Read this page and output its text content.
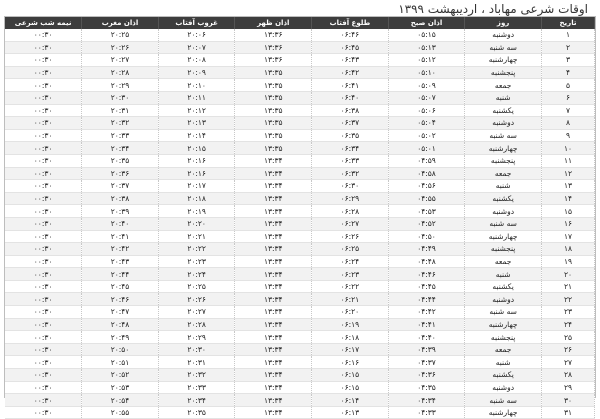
اوقات شرعی مهاباد ، اردیبهشت ۱۳۹۹
تاریخ	روز	اذان صبح	طلوع آفتاب	اذان ظهر	غروب آفتاب	اذان مغرب	نیمه شب شرعی
۱	دوشنبه	۰۵:۱۵	۰۶:۴۶	۱۳:۳۶	۲۰:۰۶	۲۰:۲۵	۰۰:۳۰
۲	سه شنبه	۰۵:۱۳	۰۶:۴۵	۱۳:۳۶	۲۰:۰۷	۲۰:۲۶	۰۰:۳۰
۳	چهارشنبه	۰۵:۱۲	۰۶:۴۳	۱۳:۳۶	۲۰:۰۸	۲۰:۲۷	۰۰:۳۰
۴	پنجشنبه	۰۵:۱۰	۰۶:۴۲	۱۳:۳۵	۲۰:۰۹	۲۰:۲۸	۰۰:۳۰
۵	جمعه	۰۵:۰۹	۰۶:۴۱	۱۳:۳۵	۲۰:۱۰	۲۰:۲۹	۰۰:۳۰
۶	شنبه	۰۵:۰۷	۰۶:۴۰	۱۳:۳۵	۲۰:۱۱	۲۰:۳۰	۰۰:۳۰
۷	یکشنبه	۰۵:۰۶	۰۶:۳۸	۱۳:۳۵	۲۰:۱۲	۲۰:۳۱	۰۰:۳۰
۸	دوشنبه	۰۵:۰۴	۰۶:۳۷	۱۳:۳۵	۲۰:۱۳	۲۰:۳۲	۰۰:۳۰
۹	سه شنبه	۰۵:۰۲	۰۶:۳۵	۱۳:۳۵	۲۰:۱۴	۲۰:۳۳	۰۰:۳۰
۱۰	چهارشنبه	۰۵:۰۱	۰۶:۳۴	۱۳:۳۵	۲۰:۱۵	۲۰:۳۴	۰۰:۳۰
۱۱	پنجشنبه	۰۴:۵۹	۰۶:۳۳	۱۳:۳۴	۲۰:۱۶	۲۰:۳۵	۰۰:۳۰
۱۲	جمعه	۰۴:۵۸	۰۶:۳۲	۱۳:۳۴	۲۰:۱۶	۲۰:۳۶	۰۰:۳۰
۱۳	شنبه	۰۴:۵۶	۰۶:۳۰	۱۳:۳۴	۲۰:۱۷	۲۰:۳۷	۰۰:۳۰
۱۴	یکشنبه	۰۴:۵۵	۰۶:۲۹	۱۳:۳۴	۲۰:۱۸	۲۰:۳۸	۰۰:۳۰
۱۵	دوشنبه	۰۴:۵۳	۰۶:۲۸	۱۳:۳۴	۲۰:۱۹	۲۰:۳۹	۰۰:۳۰
۱۶	سه شنبه	۰۴:۵۲	۰۶:۲۷	۱۳:۳۴	۲۰:۲۰	۲۰:۴۰	۰۰:۳۰
۱۷	چهارشنبه	۰۴:۵۰	۰۶:۲۶	۱۳:۳۴	۲۰:۲۱	۲۰:۴۱	۰۰:۳۰
۱۸	پنجشنبه	۰۴:۴۹	۰۶:۲۵	۱۳:۳۴	۲۰:۲۲	۲۰:۴۲	۰۰:۳۰
۱۹	جمعه	۰۴:۴۸	۰۶:۲۴	۱۳:۳۴	۲۰:۲۳	۲۰:۴۳	۰۰:۳۰
۲۰	شنبه	۰۴:۴۶	۰۶:۲۳	۱۳:۳۴	۲۰:۲۴	۲۰:۴۴	۰۰:۳۰
۲۱	یکشنبه	۰۴:۴۵	۰۶:۲۲	۱۳:۳۴	۲۰:۲۵	۲۰:۴۵	۰۰:۳۰
۲۲	دوشنبه	۰۴:۴۴	۰۶:۲۱	۱۳:۳۴	۲۰:۲۶	۲۰:۴۶	۰۰:۳۰
۲۳	سه شنبه	۰۴:۴۲	۰۶:۲۰	۱۳:۳۴	۲۰:۲۷	۲۰:۴۷	۰۰:۳۰
۲۴	چهارشنبه	۰۴:۴۱	۰۶:۱۹	۱۳:۳۴	۲۰:۲۸	۲۰:۴۸	۰۰:۳۰
۲۵	پنجشنبه	۰۴:۴۰	۰۶:۱۸	۱۳:۳۴	۲۰:۲۹	۲۰:۴۹	۰۰:۳۰
۲۶	جمعه	۰۴:۳۹	۰۶:۱۷	۱۳:۳۴	۲۰:۳۰	۲۰:۵۰	۰۰:۳۰
۲۷	شنبه	۰۴:۳۷	۰۶:۱۶	۱۳:۳۴	۲۰:۳۱	۲۰:۵۱	۰۰:۳۰
۲۸	یکشنبه	۰۴:۳۶	۰۶:۱۵	۱۳:۳۴	۲۰:۳۲	۲۰:۵۲	۰۰:۳۰
۲۹	دوشنبه	۰۴:۳۵	۰۶:۱۵	۱۳:۳۴	۲۰:۳۳	۲۰:۵۳	۰۰:۳۰
۳۰	سه شنبه	۰۴:۳۴	۰۶:۱۴	۱۳:۳۴	۲۰:۳۴	۲۰:۵۴	۰۰:۳۰
۳۱	چهارشنبه	۰۴:۳۳	۰۶:۱۳	۱۳:۳۴	۲۰:۳۵	۲۰:۵۵	۰۰:۳۰
